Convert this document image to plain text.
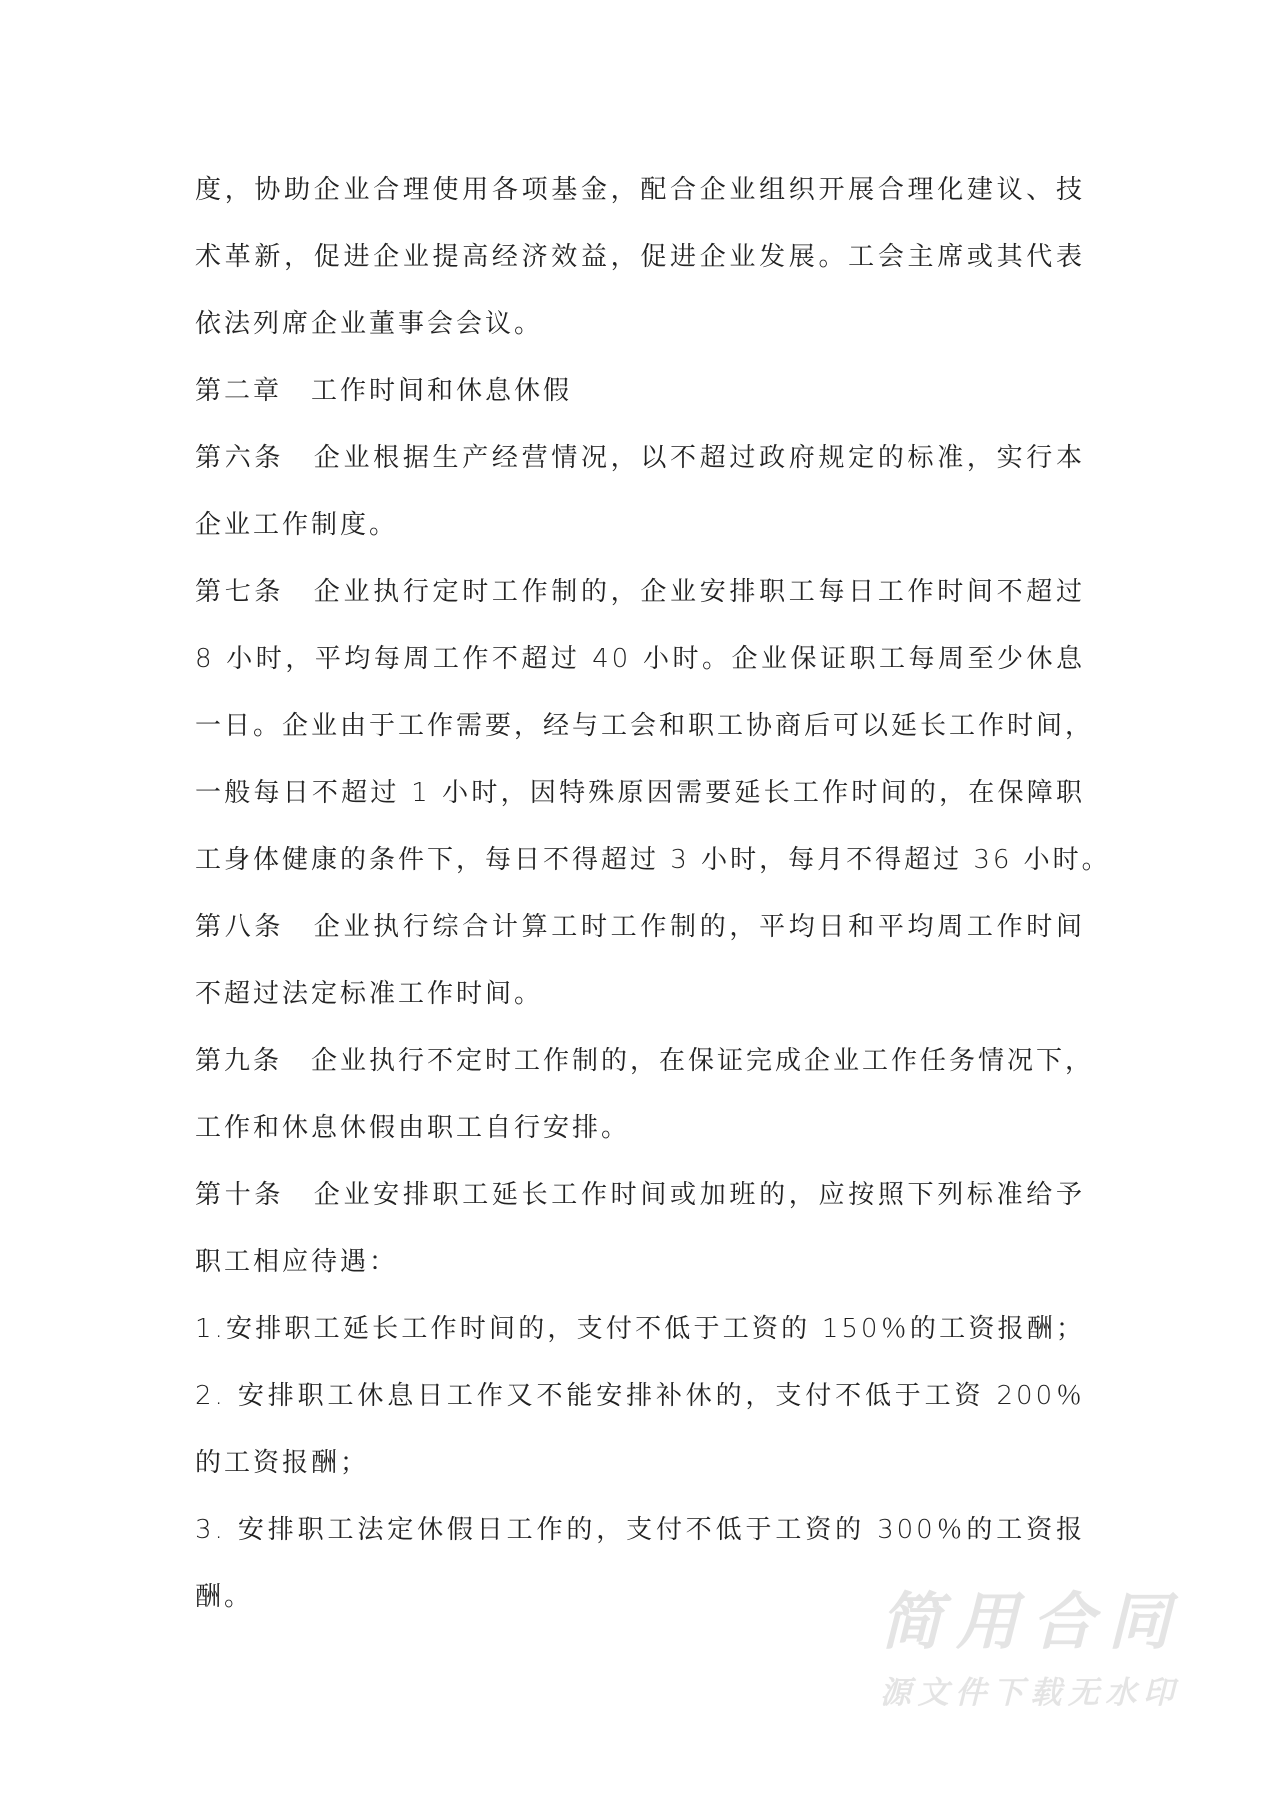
度，协助企业合理使用各项基金，配合企业组织开展合理化建议、技
术革新，促进企业提高经济效益，促进企业发展。工会主席或其代表
依法列席企业董事会会议。
第二章　工作时间和休息休假
第六条　企业根据生产经营情况，以不超过政府规定的标准，实行本
企业工作制度。
第七条　企业执行定时工作制的，企业安排职工每日工作时间不超过
8 小时，平均每周工作不超过 40 小时。企业保证职工每周至少休息
一日。企业由于工作需要，经与工会和职工协商后可以延长工作时间，
一般每日不超过 1 小时，因特殊原因需要延长工作时间的，在保障职
工身体健康的条件下，每日不得超过 3 小时，每月不得超过 36 小时。
第八条　企业执行综合计算工时工作制的，平均日和平均周工作时间
不超过法定标准工作时间。
第九条　企业执行不定时工作制的，在保证完成企业工作任务情况下，
工作和休息休假由职工自行安排。
第十条　企业安排职工延长工作时间或加班的，应按照下列标准给予
职工相应待遇：
1.安排职工延长工作时间的，支付不低于工资的 150％的工资报酬；
2. 安排职工休息日工作又不能安排补休的，支付不低于工资 200％
的工资报酬；
3. 安排职工法定休假日工作的，支付不低于工资的 300％的工资报
酬。	简用合同
源文件下载无水印
